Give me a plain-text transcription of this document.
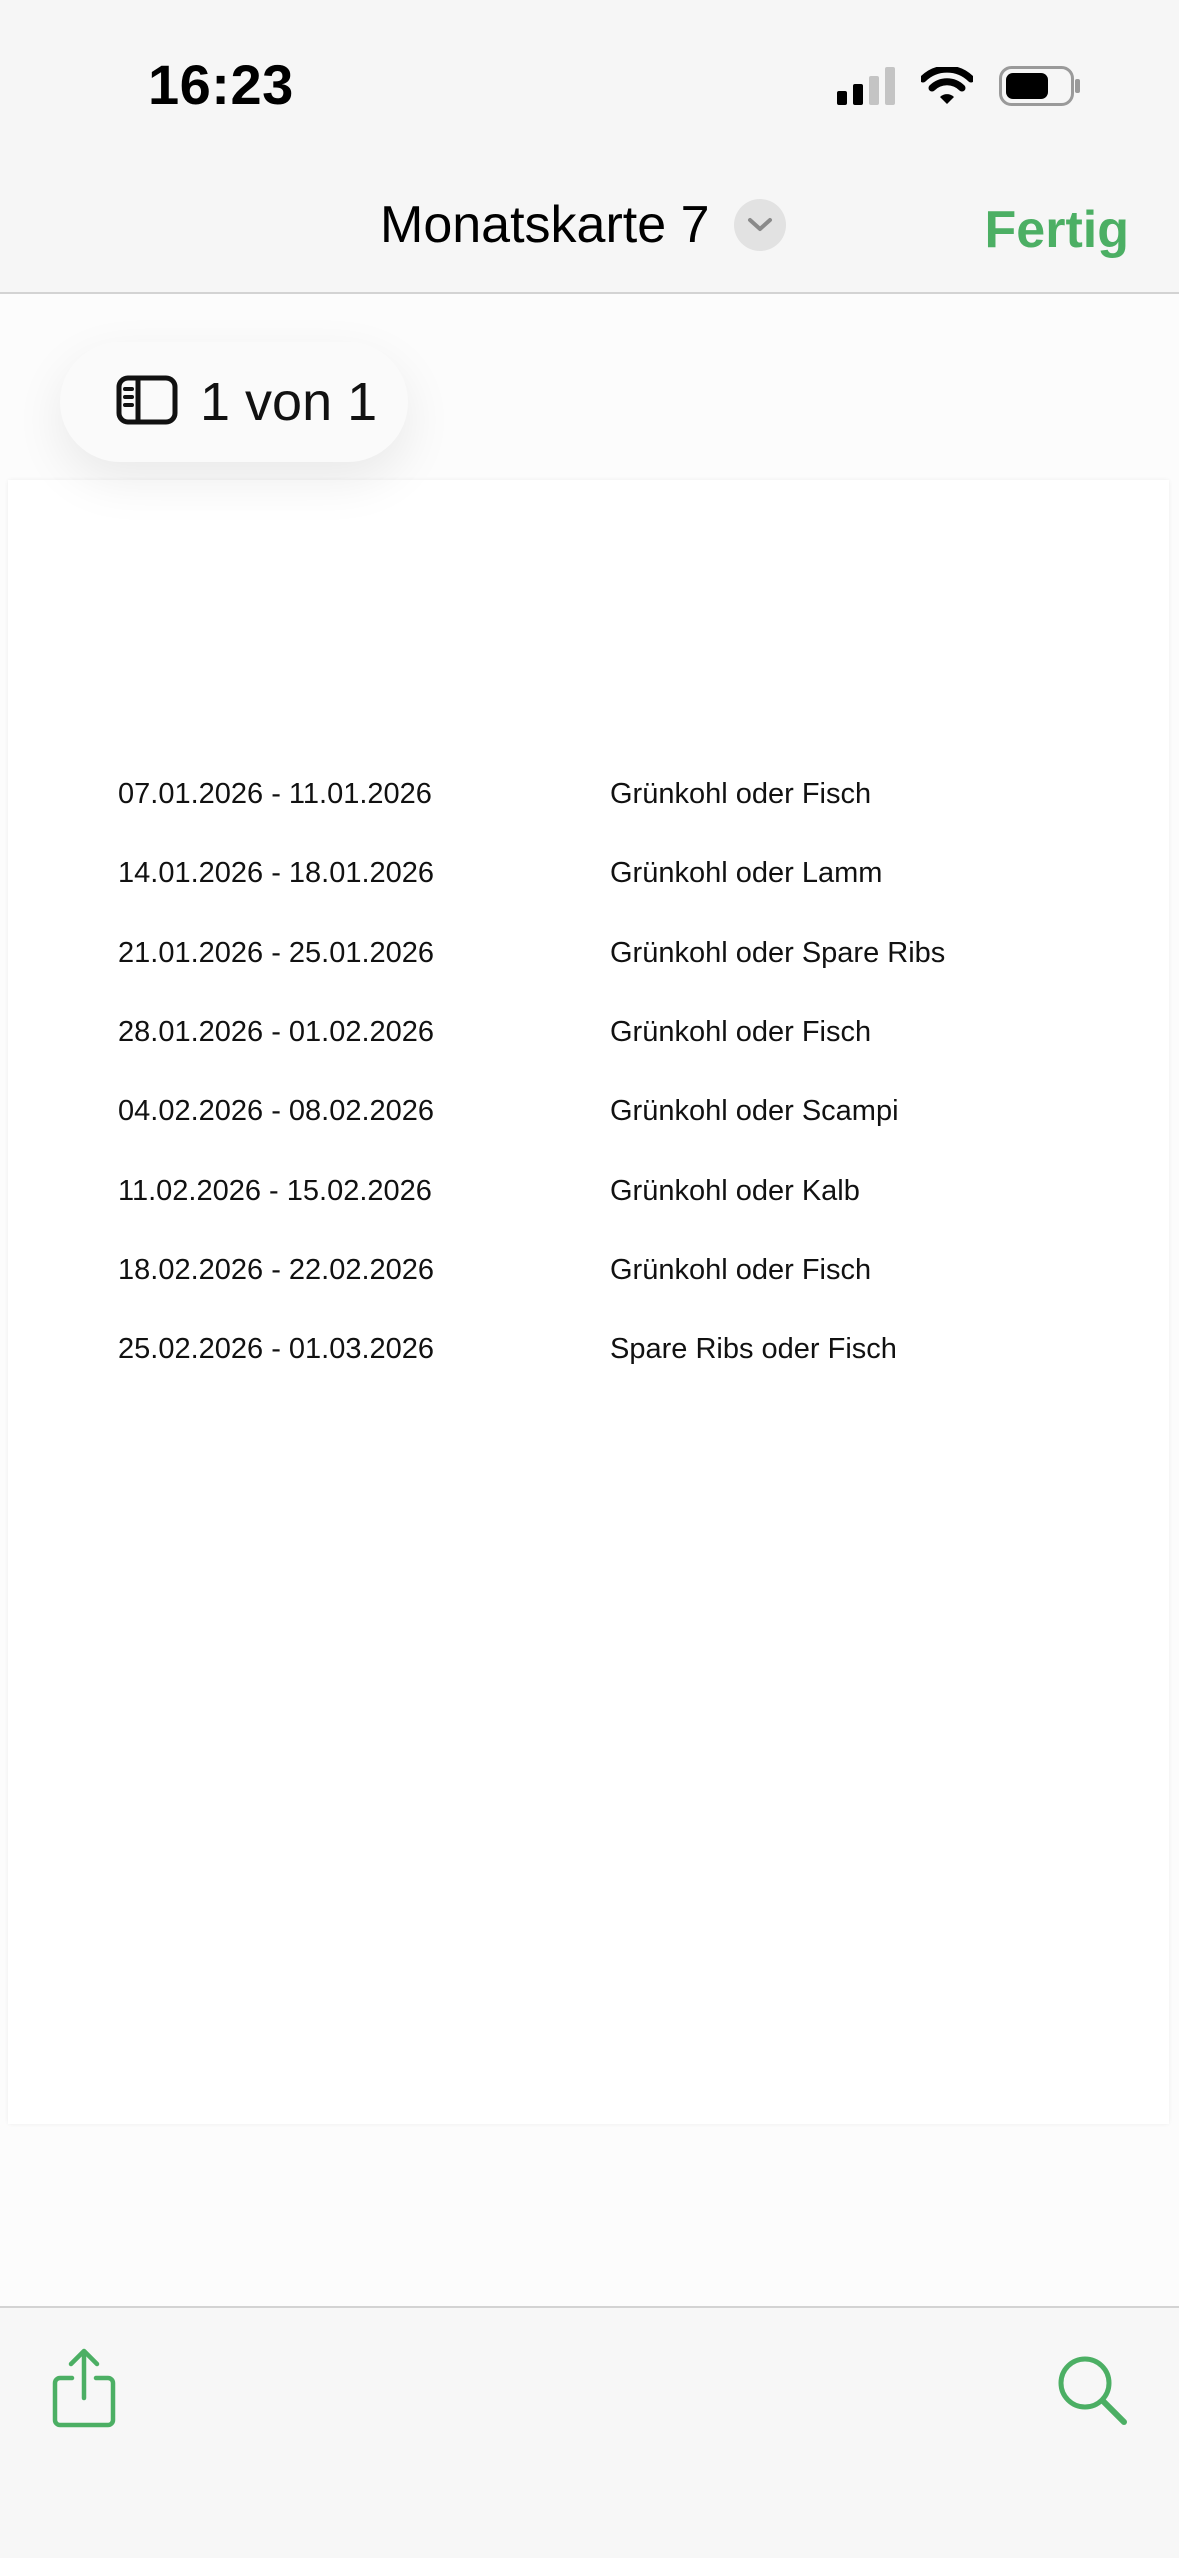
16:23
Monatskarte 7	Fertig
1 von 1
07.01.2026 - 11.01.2026	Grünkohl oder Fisch
14.01.2026 - 18.01.2026	Grünkohl oder Lamm
21.01.2026 - 25.01.2026	Grünkohl oder Spare Ribs
28.01.2026 - 01.02.2026	Grünkohl oder Fisch
04.02.2026 - 08.02.2026	Grünkohl oder Scampi
11.02.2026 - 15.02.2026	Grünkohl oder Kalb
18.02.2026 - 22.02.2026	Grünkohl oder Fisch
25.02.2026 - 01.03.2026	Spare Ribs oder Fisch
